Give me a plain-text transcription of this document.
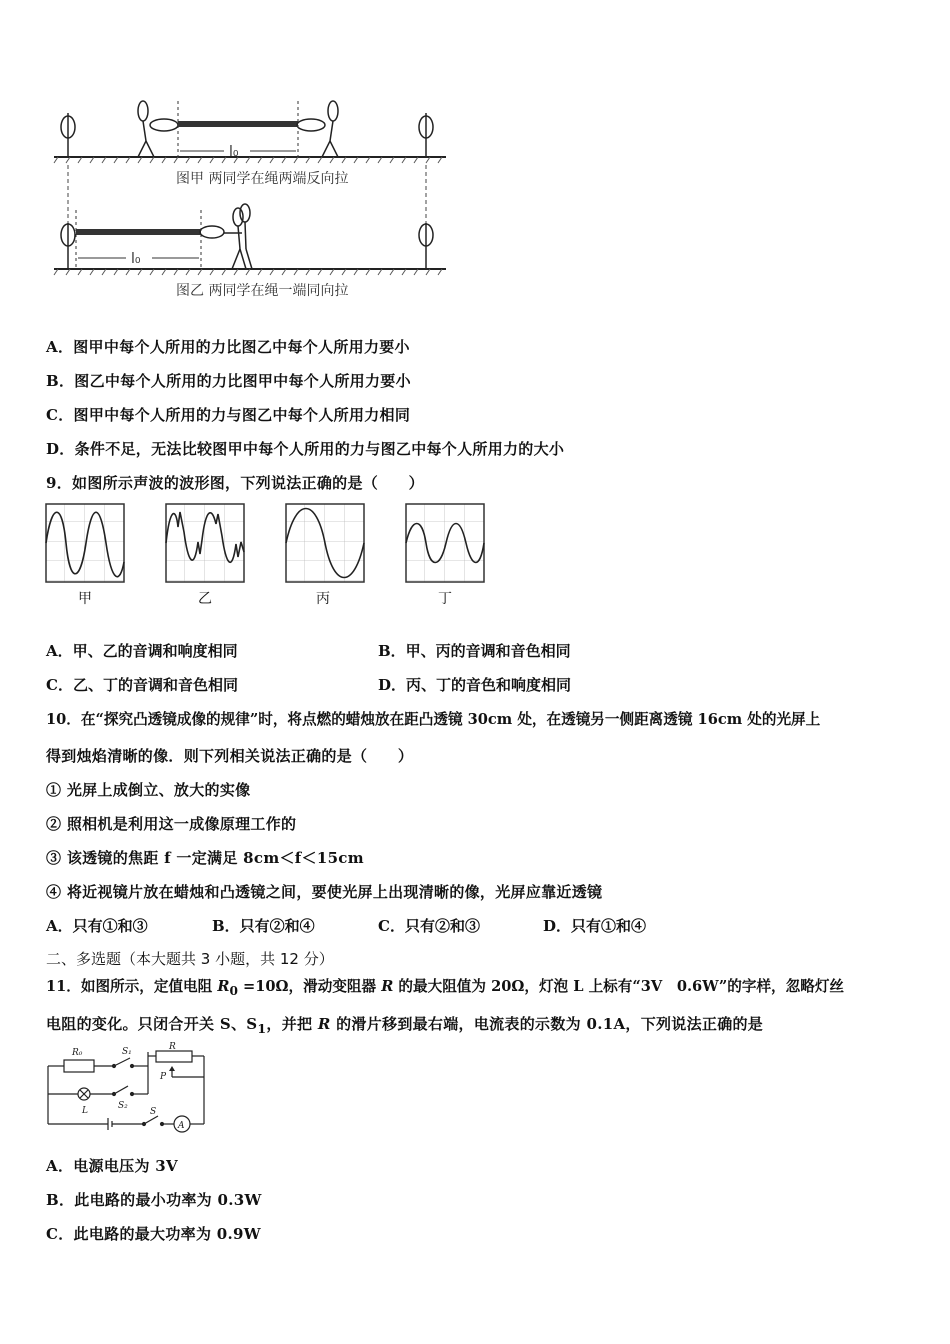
l₀
图甲 两同学在绳两端反向拉
l₀
图乙 两同学在绳一端同向拉
A．图甲中每个人所用的力比图乙中每个人所用力要小
B．图乙中每个人所用的力比图甲中每个人所用力要小
C．图甲中每个人所用的力与图乙中每个人所用力相同
D．条件不足，无法比较图甲中每个人所用的力与图乙中每个人所用力的大小
9．如图所示声波的波形图，下列说法正确的是（　　）
甲	乙	丙	丁
A．甲、乙的音调和响度相同	B．甲、丙的音调和音色相同
C．乙、丁的音调和音色相同	D．丙、丁的音色和响度相同
10．在“探究凸透镜成像的规律”时，将点燃的蜡烛放在距凸透镜 30cm 处，在透镜另一侧距离透镜 16cm 处的光屏上
得到烛焰清晰的像．则下列相关说法正确的是（　　）
① 光屏上成倒立、放大的实像
② 照相机是利用这一成像原理工作的
③ 该透镜的焦距 f 一定满足 8cm＜f＜15cm
④ 将近视镜片放在蜡烛和凸透镜之间，要使光屏上出现清晰的像，光屏应靠近透镜
A．只有①和③	B．只有②和④	C．只有②和③	D．只有①和④
二、多选题（本大题共 3 小题，共 12 分）
11．如图所示，定值电阻 $R_0 =10\Omega$，滑动变阻器 R 的最大阻值为 20Ω，灯泡 L 上标有“3V　0.6W”的字样，忽略灯丝
电阻的变化。只闭合开关 S、$S_1$，并把 R 的滑片移到最右端，电流表的示数为 0.1A，下列说法正确的是
R₀	S₁	R
P
L	S₂
S
A
A．电源电压为 3V
B．此电路的最小功率为 0.3W
C．此电路的最大功率为 0.9W
